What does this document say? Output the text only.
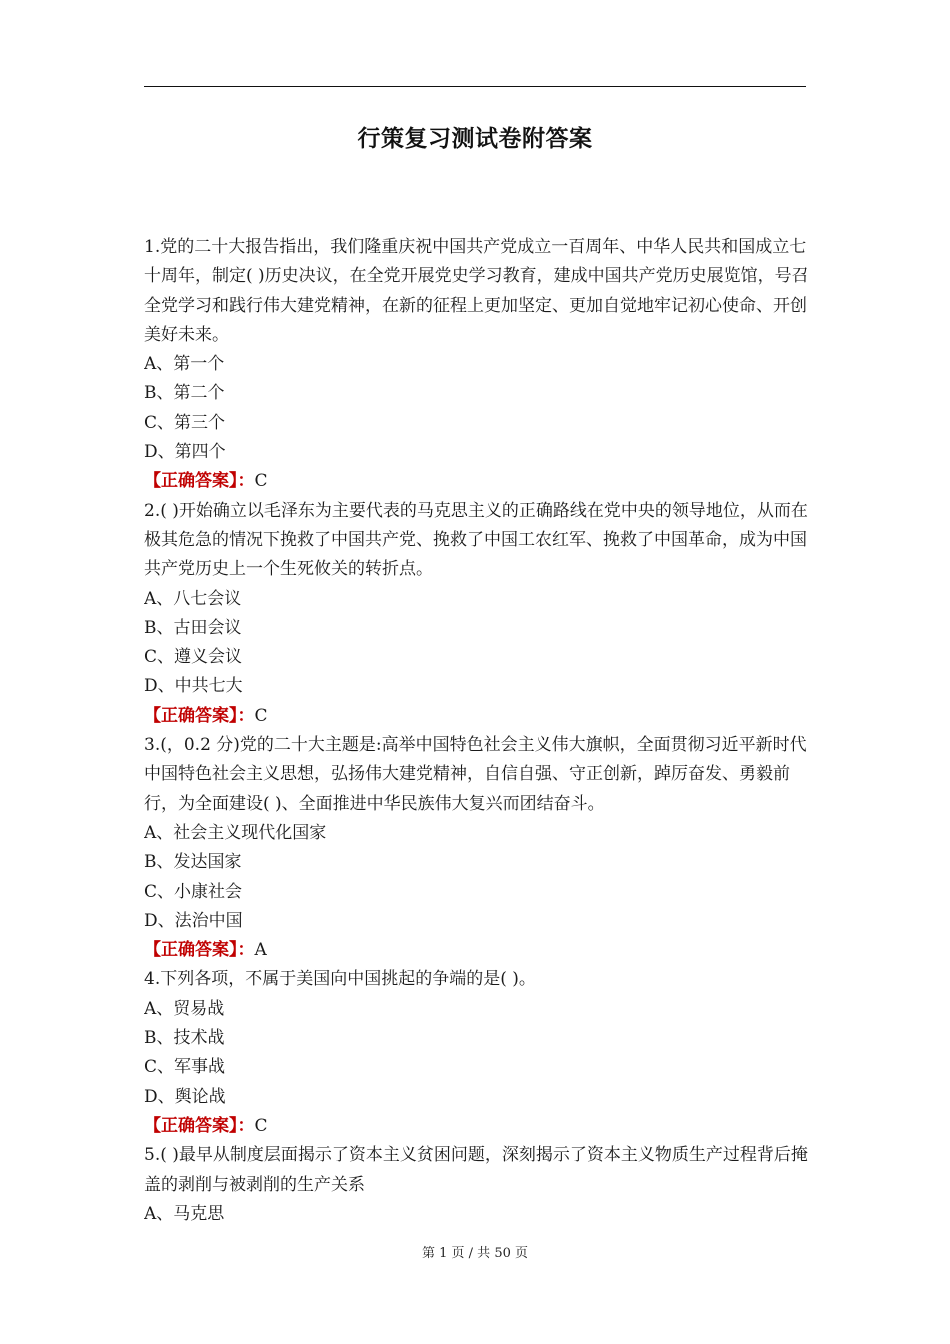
行策复习测试卷附答案
1.党的二十大报告指出，我们隆重庆祝中国共产党成立一百周年、中华人民共和国成立七十周年，制定( )历史决议，在全党开展党史学习教育，建成中国共产党历史展览馆，号召全党学习和践行伟大建党精神，在新的征程上更加坚定、更加自觉地牢记初心使命、开创美好未来。
A、第一个
B、第二个
C、第三个
D、第四个
【正确答案】：C
2.( )开始确立以毛泽东为主要代表的马克思主义的正确路线在党中央的领导地位，从而在极其危急的情况下挽救了中国共产党、挽救了中国工农红军、挽救了中国革命，成为中国共产党历史上一个生死攸关的转折点。
A、八七会议
B、古田会议
C、遵义会议
D、中共七大
【正确答案】：C
3.(，0.2 分)党的二十大主题是:高举中国特色社会主义伟大旗帜，全面贯彻习近平新时代中国特色社会主义思想，弘扬伟大建党精神，自信自强、守正创新，踔厉奋发、勇毅前行，为全面建设( )、全面推进中华民族伟大复兴而团结奋斗。
A、社会主义现代化国家
B、发达国家
C、小康社会
D、法治中国
【正确答案】：A
4.下列各项，不属于美国向中国挑起的争端的是( )。
A、贸易战
B、技术战
C、军事战
D、舆论战
【正确答案】：C
5.( )最早从制度层面揭示了资本主义贫困问题，深刻揭示了资本主义物质生产过程背后掩盖的剥削与被剥削的生产关系
A、马克思
第 1 页 / 共 50 页
